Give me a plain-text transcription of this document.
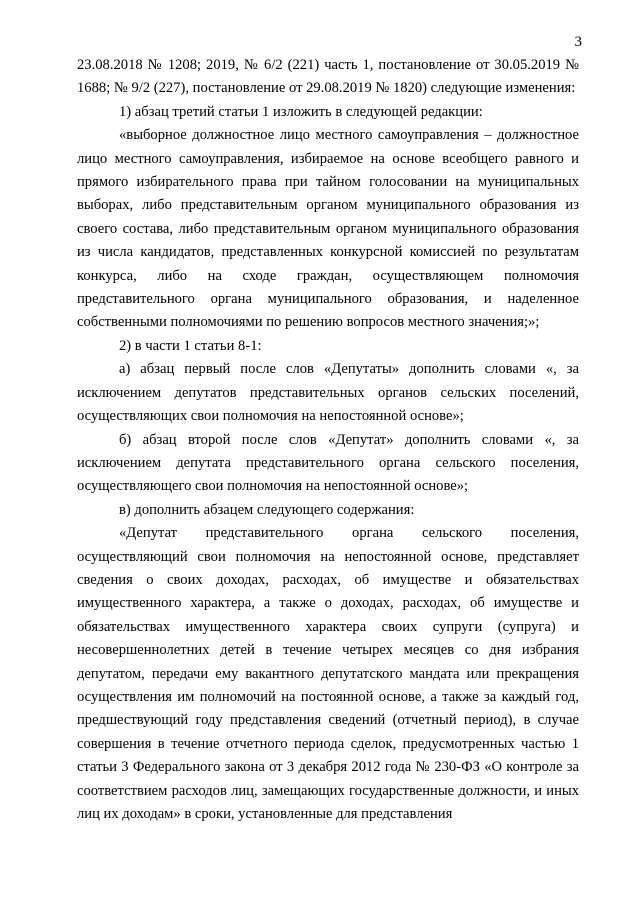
3

23.08.2018 № 1208; 2019, № 6/2 (221) часть 1, постановление от 30.05.2019 № 1688; № 9/2 (227), постановление от 29.08.2019 № 1820) следующие изменения:

1) абзац третий статьи 1 изложить в следующей редакции:

«выборное должностное лицо местного самоуправления – должностное лицо местного самоуправления, избираемое на основе всеобщего равного и прямого избирательного права при тайном голосовании на муниципальных выборах, либо представительным органом муниципального образования из своего состава, либо представительным органом муниципального образования из числа кандидатов, представленных конкурсной комиссией по результатам конкурса, либо на сходе граждан, осуществляющем полномочия представительного органа муниципального образования, и наделенное собственными полномочиями по решению вопросов местного значения;»;

2) в части 1 статьи 8-1:

а) абзац первый после слов «Депутаты» дополнить словами «, за исключением депутатов представительных органов сельских поселений, осуществляющих свои полномочия на непостоянной основе»;

б) абзац второй после слов «Депутат» дополнить словами «, за исключением депутата представительного органа сельского поселения, осуществляющего свои полномочия на непостоянной основе»;

в) дополнить абзацем следующего содержания:

«Депутат представительного органа сельского поселения, осуществляющий свои полномочия на непостоянной основе, представляет сведения о своих доходах, расходах, об имуществе и обязательствах имущественного характера, а также о доходах, расходах, об имуществе и обязательствах имущественного характера своих супруги (супруга) и несовершеннолетних детей в течение четырех месяцев со дня избрания депутатом, передачи ему вакантного депутатского мандата или прекращения осуществления им полномочий на постоянной основе, а также за каждый год, предшествующий году представления сведений (отчетный период), в случае совершения в течение отчетного периода сделок, предусмотренных частью 1 статьи 3 Федерального закона от 3 декабря 2012 года № 230-ФЗ «О контроле за соответствием расходов лиц, замещающих государственные должности, и иных лиц их доходам» в сроки, установленные для представления
